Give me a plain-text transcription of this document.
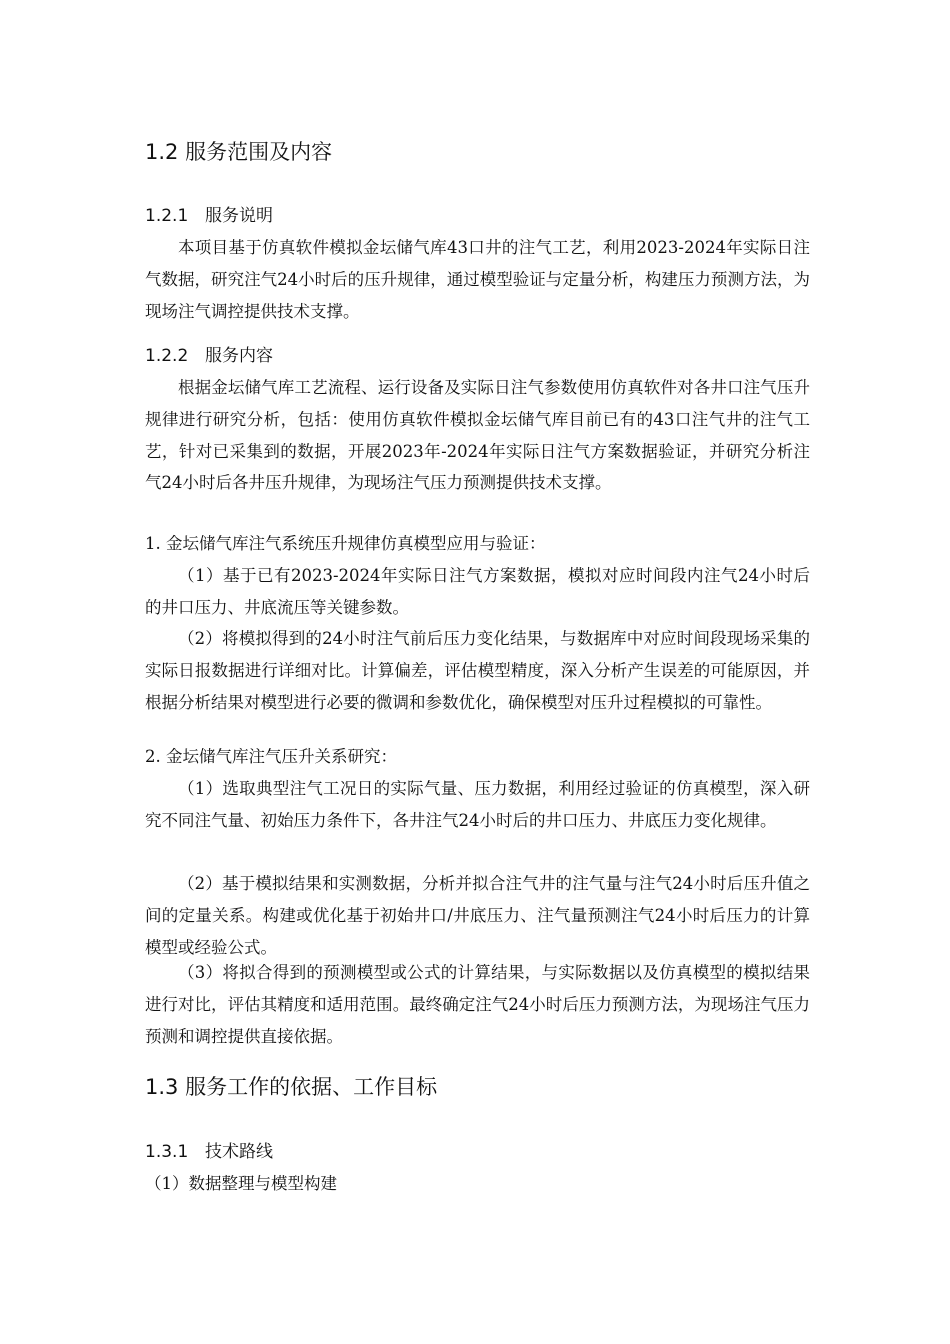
1.2 服务范围及内容
1.2.1 服务说明

本项目基于仿真软件模拟金坛储气库43口井的注气工艺，利用2023-2024年实际日注气数据，研究注气24小时后的压升规律，通过模型验证与定量分析，构建压力预测方法，为现场注气调控提供技术支撑。

1.2.2 服务内容

根据金坛储气库工艺流程、运行设备及实际日注气参数使用仿真软件对各井口注气压升规律进行研究分析，包括：使用仿真软件模拟金坛储气库目前已有的43口注气井的注气工艺，针对已采集到的数据，开展2023年-2024年实际日注气方案数据验证，并研究分析注气24小时后各井压升规律，为现场注气压力预测提供技术支撑。

1. 金坛储气库注气系统压升规律仿真模型应用与验证：

（1）基于已有2023-2024年实际日注气方案数据，模拟对应时间段内注气24小时后的井口压力、井底流压等关键参数。

（2）将模拟得到的24小时注气前后压力变化结果，与数据库中对应时间段现场采集的实际日报数据进行详细对比。计算偏差，评估模型精度，深入分析产生误差的可能原因，并根据分析结果对模型进行必要的微调和参数优化，确保模型对压升过程模拟的可靠性。

2. 金坛储气库注气压升关系研究：

（1）选取典型注气工况日的实际气量、压力数据，利用经过验证的仿真模型，深入研究不同注气量、初始压力条件下，各井注气24小时后的井口压力、井底压力变化规律。

（2）基于模拟结果和实测数据，分析并拟合注气井的注气量与注气24小时后压升值之间的定量关系。构建或优化基于初始井口/井底压力、注气量预测注气24小时后压力的计算模型或经验公式。

（3）将拟合得到的预测模型或公式的计算结果，与实际数据以及仿真模型的模拟结果进行对比，评估其精度和适用范围。最终确定注气24小时后压力预测方法，为现场注气压力预测和调控提供直接依据。

1.3 服务工作的依据、工作目标
1.3.1 技术路线

（1）数据整理与模型构建
